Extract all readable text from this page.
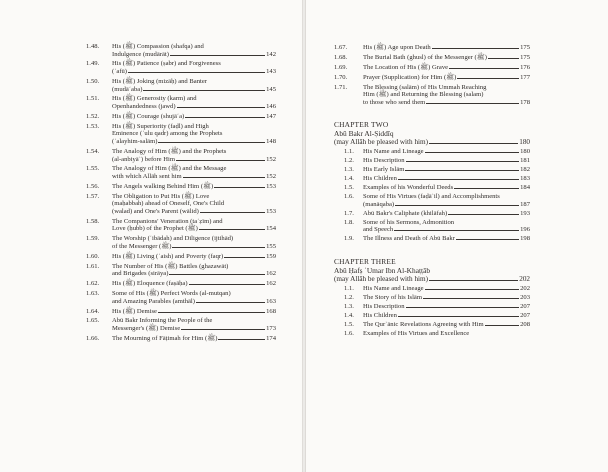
1.48.	His (ﷺ) Compassion (shafqa) and
Indulgence (mudārāt)	142
1.49.	His (ﷺ) Patience (ṣabr) and Forgiveness
(ʿafū)	143
1.50.	His (ﷺ) Joking (mizāḥ) and Banter
(mudāʿaba)	145
1.51.	His (ﷺ) Generosity (karm) and
Openhandedness (jawd)	146
1.52.	His (ﷺ) Courage (shujāʿa)	147
1.53.	His (ﷺ) Superiority (faḍl) and High
Eminence (ʿulu qadr) among the Prophets
(ʿalayhim-salām)	148
1.54.	The Analogy of Him (ﷺ) and the Prophets
(al-anbiyāʾ) before Him	152
1.55.	The Analogy of Him (ﷺ) and the Message
with which Allāh sent him	152
1.56.	The Angels walking Behind Him (ﷺ)	153
1.57.	The Obligation to Put His (ﷺ) Love
(maḥabbah) ahead of Oneself, One's Child
(walad) and One's Parent (wālid)	153
1.58.	The Companions' Veneration (taʿẓīm) and
Love (ḥubb) of the Prophet (ﷺ)	154
1.59.	The Worship (ʿibādah) and Diligence (ijtihād)
of the Messenger (ﷺ)	155
1.60.	His (ﷺ) Living (ʿaish) and Poverty (faqr)	159
1.61.	The Number of His (ﷺ) Battles (ghazawāt)
and Brigades (sirāya)	162
1.62.	His (ﷺ) Eloquence (faṣāḥa)	162
1.63.	Some of His (ﷺ) Perfect Words (al-mutqan)
and Amazing Parables (amthāl)	163
1.64.	His (ﷺ) Demise	168
1.65.	Abū Bakr Informing the People of the
Messenger's (ﷺ) Demise	173
1.66.	The Mourning of Fāṭimah for Him (ﷺ)	174
1.67.	His (ﷺ) Age upon Death	175
1.68.	The Burial Bath (ghusl) of the Messenger (ﷺ)	175
1.69.	The Location of His (ﷺ) Grave	176
1.70.	Prayer (Supplication) for Him (ﷺ)	177
1.71.	The Blessing (salām) of His Ummah Reaching
Him (ﷺ) and Returning the Blessing (salam)
to those who send them	178
CHAPTER TWO
Abū Bakr Al-Ṣiddīq
(may Allāh be pleased with him)	180
1.1.	His Name and Lineage	180
1.2.	His Description	181
1.3.	His Early Islām	182
1.4.	His Children	183
1.5.	Examples of his Wonderful Deeds	184
1.6.	Some of His Virtues (faḍāʾil) and Accomplishments
(manāqaba)	187
1.7.	Abū Bakr's Caliphate (khilāfah)	193
1.8.	Some of his Sermons, Admonition
and Speech	196
1.9.	The Illness and Death of Abū Bakr	198
CHAPTER THREE
Abū Ḥafṣ ʿUmar Ibn Al-Khaṭṭāb
(may Allāh be pleased with him)	202
1.1.	His Name and Lineage	202
1.2.	The Story of his Islām	203
1.3.	His Description	207
1.4.	His Children	207
1.5.	The Qurʾānic Revelations Agreeing with Him	208
1.6.	Examples of His Virtues and Excellence
